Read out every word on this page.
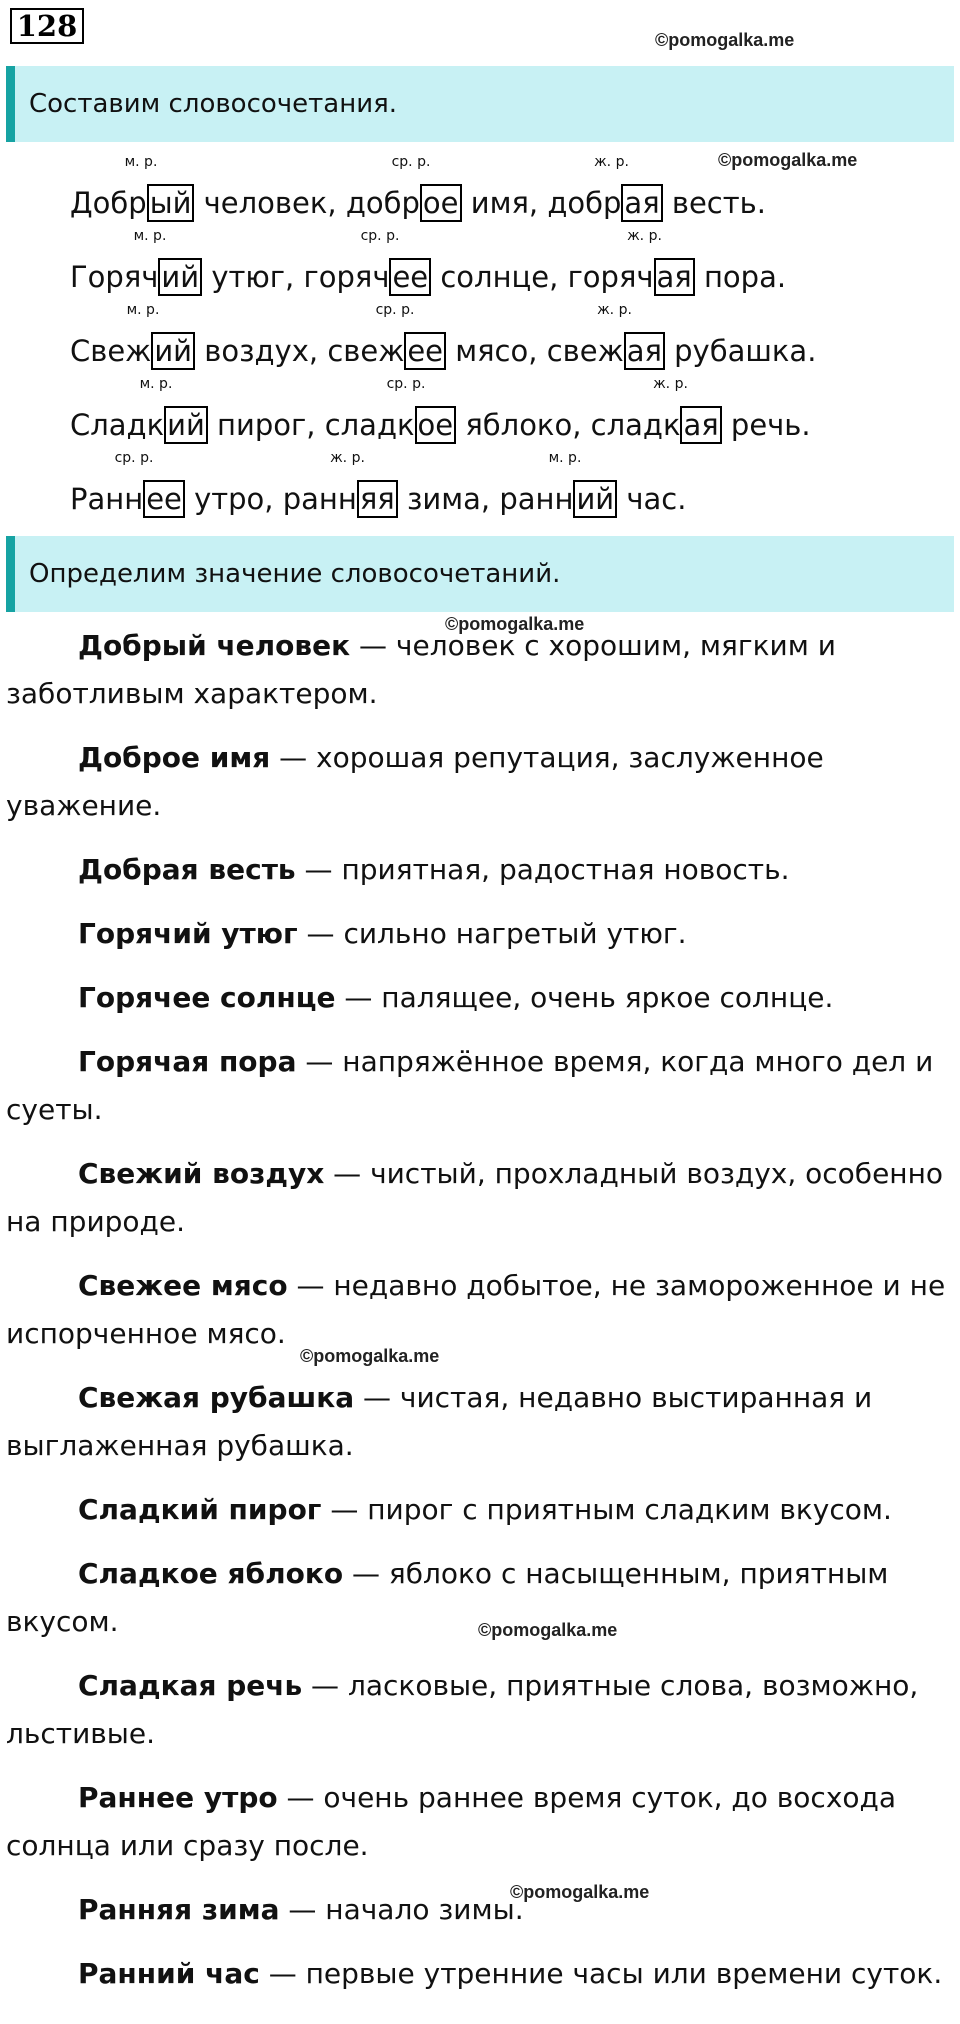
128	©pomogalka.me
©pomogalka.me
©pomogalka.me
©pomogalka.me
©pomogalka.me
©pomogalka.me
Составим словосочетания.
Добр ый человек, добр ое имя, добр ая весть.
м. р.	ср. р.	ж. р.
Горяч ий утюг, горяч ее солнце, горяч ая пора.
м. р.	ср. р.	ж. р.
Свеж ий воздух, свеж ее мясо, свеж ая рубашка.
м. р.	ср. р.	ж. р.
Сладк ий пирог, сладк ое яблоко, сладк ая речь.
м. р.	ср. р.	ж. р.
Ранн ее утро, ранн яя зима, ранн ий час.
ср. р.	ж. р.	м. р.
Определим значение словосочетаний.
Добрый человек — человек с хорошим, мягким и заботливым характером.
Доброе имя — хорошая репутация, заслуженное уважение.
Добрая весть — приятная, радостная новость.
Горячий утюг — сильно нагретый утюг.
Горячее солнце — палящее, очень яркое солнце.
Горячая пора — напряжённое время, когда много дел и суеты.
Свежий воздух — чистый, прохладный воздух, особенно на природе.
Свежее мясо — недавно добытое, не замороженное и не испорченное мясо.
Свежая рубашка — чистая, недавно выстиранная и выглаженная рубашка.
Сладкий пирог — пирог с приятным сладким вкусом.
Сладкое яблоко — яблоко с насыщенным, приятным вкусом.
Сладкая речь — ласковые, приятные слова, возможно, льстивые.
Раннее утро — очень раннее время суток, до восхода солнца или сразу после.
Ранняя зима — начало зимы.
Ранний час — первые утренние часы или времени суток.
